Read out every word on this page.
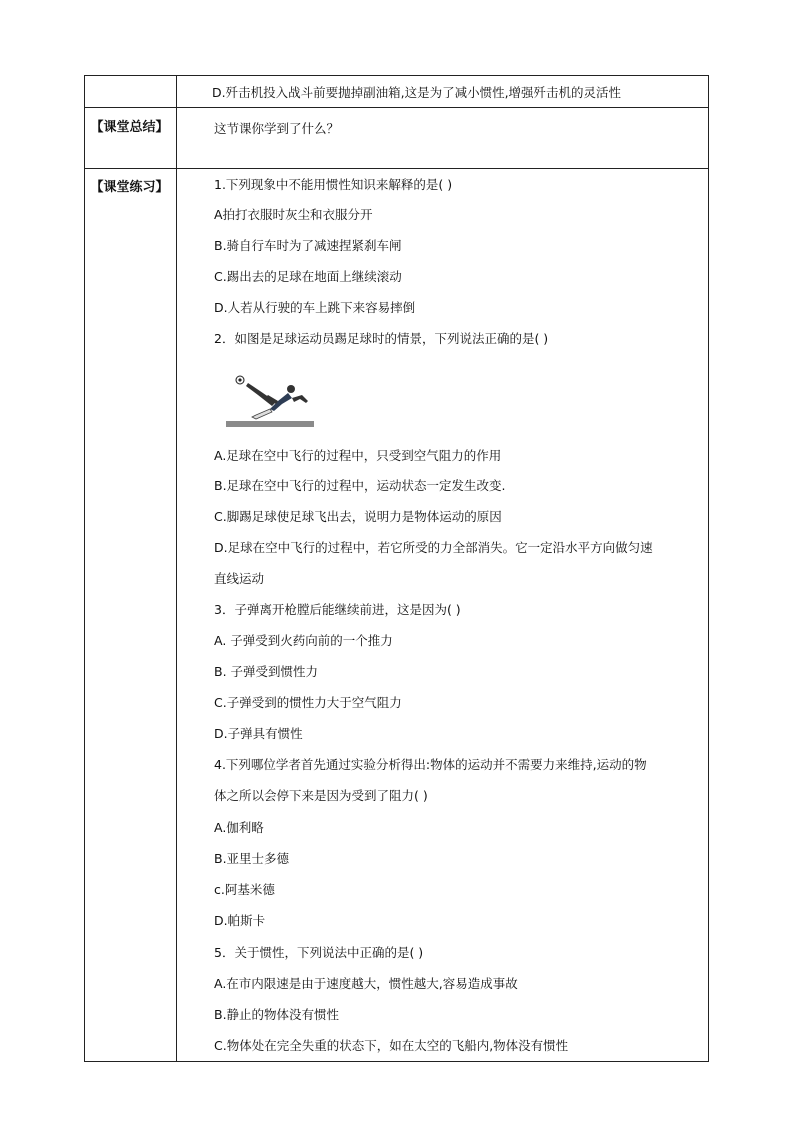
D.歼击机投入战斗前要抛掉副油箱,这是为了减小惯性,增强歼击机的灵活性
【课堂总结】	这节课你学到了什么？
【课堂练习】	1.下列现象中不能用惯性知识来解释的是( )
A拍打衣服时灰尘和衣服分开
B.骑自行车时为了减速捏紧刹车闸
C.踢出去的足球在地面上继续滚动
D.人若从行驶的车上跳下来容易摔倒
2．如图是足球运动员踢足球时的情景，下列说法正确的是( )
A.足球在空中飞行的过程中，只受到空气阻力的作用
B.足球在空中飞行的过程中，运动状态一定发生改变.
C.脚踢足球使足球飞出去，说明力是物体运动的原因
D.足球在空中飞行的过程中，若它所受的力全部消失。它一定沿水平方向做匀速
直线运动
3．子弹离开枪膛后能继续前进，这是因为( )
A. 子弹受到火药向前的一个推力
B. 子弹受到惯性力
C.子弹受到的惯性力大于空气阻力
D.子弹具有惯性
4.下列哪位学者首先通过实验分析得出:物体的运动并不需要力来维持,运动的物
体之所以会停下来是因为受到了阻力( )
A.伽利略
B.亚里士多德
c.阿基米德
D.帕斯卡
5．关于惯性，下列说法中正确的是( )
A.在市内限速是由于速度越大，惯性越大,容易造成事故
B.静止的物体没有惯性
C.物体处在完全失重的状态下，如在太空的飞船内,物体没有惯性
